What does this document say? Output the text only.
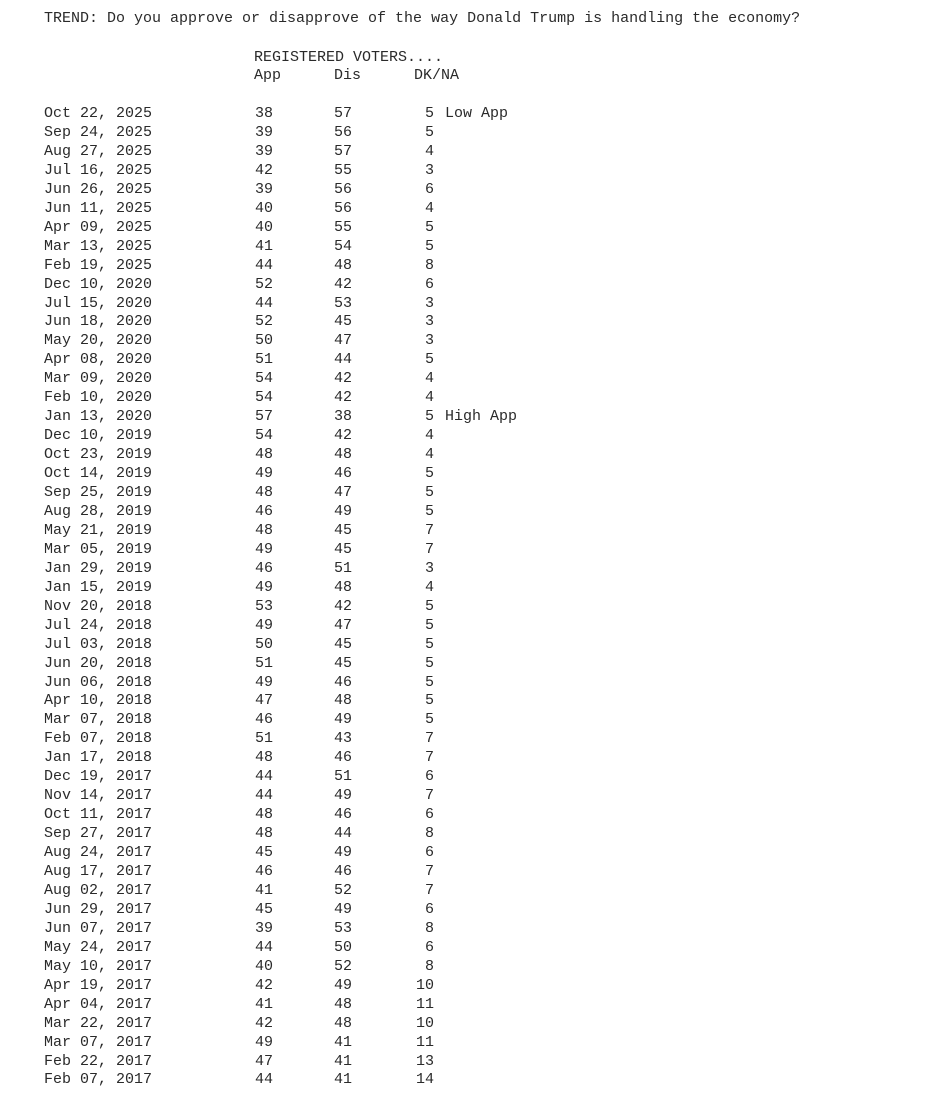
TREND: Do you approve or disapprove of the way Donald Trump is handling the economy?
REGISTERED VOTERS....
App	Dis	DK/NA
Oct 22, 2025	38	57	5 Low App
Sep 24, 2025	39	56	5
Aug 27, 2025	39	57	4
Jul 16, 2025	42	55	3
Jun 26, 2025	39	56	6
Jun 11, 2025	40	56	4
Apr 09, 2025	40	55	5
Mar 13, 2025	41	54	5
Feb 19, 2025	44	48	8
Dec 10, 2020	52	42	6
Jul 15, 2020	44	53	3
Jun 18, 2020	52	45	3
May 20, 2020	50	47	3
Apr 08, 2020	51	44	5
Mar 09, 2020	54	42	4
Feb 10, 2020	54	42	4
Jan 13, 2020	57	38	5 High App
Dec 10, 2019	54	42	4
Oct 23, 2019	48	48	4
Oct 14, 2019	49	46	5
Sep 25, 2019	48	47	5
Aug 28, 2019	46	49	5
May 21, 2019	48	45	7
Mar 05, 2019	49	45	7
Jan 29, 2019	46	51	3
Jan 15, 2019	49	48	4
Nov 20, 2018	53	42	5
Jul 24, 2018	49	47	5
Jul 03, 2018	50	45	5
Jun 20, 2018	51	45	5
Jun 06, 2018	49	46	5
Apr 10, 2018	47	48	5
Mar 07, 2018	46	49	5
Feb 07, 2018	51	43	7
Jan 17, 2018	48	46	7
Dec 19, 2017	44	51	6
Nov 14, 2017	44	49	7
Oct 11, 2017	48	46	6
Sep 27, 2017	48	44	8
Aug 24, 2017	45	49	6
Aug 17, 2017	46	46	7
Aug 02, 2017	41	52	7
Jun 29, 2017	45	49	6
Jun 07, 2017	39	53	8
May 24, 2017	44	50	6
May 10, 2017	40	52	8
Apr 19, 2017	42	49	10
Apr 04, 2017	41	48	11
Mar 22, 2017	42	48	10
Mar 07, 2017	49	41	11
Feb 22, 2017	47	41	13
Feb 07, 2017	44	41	14
